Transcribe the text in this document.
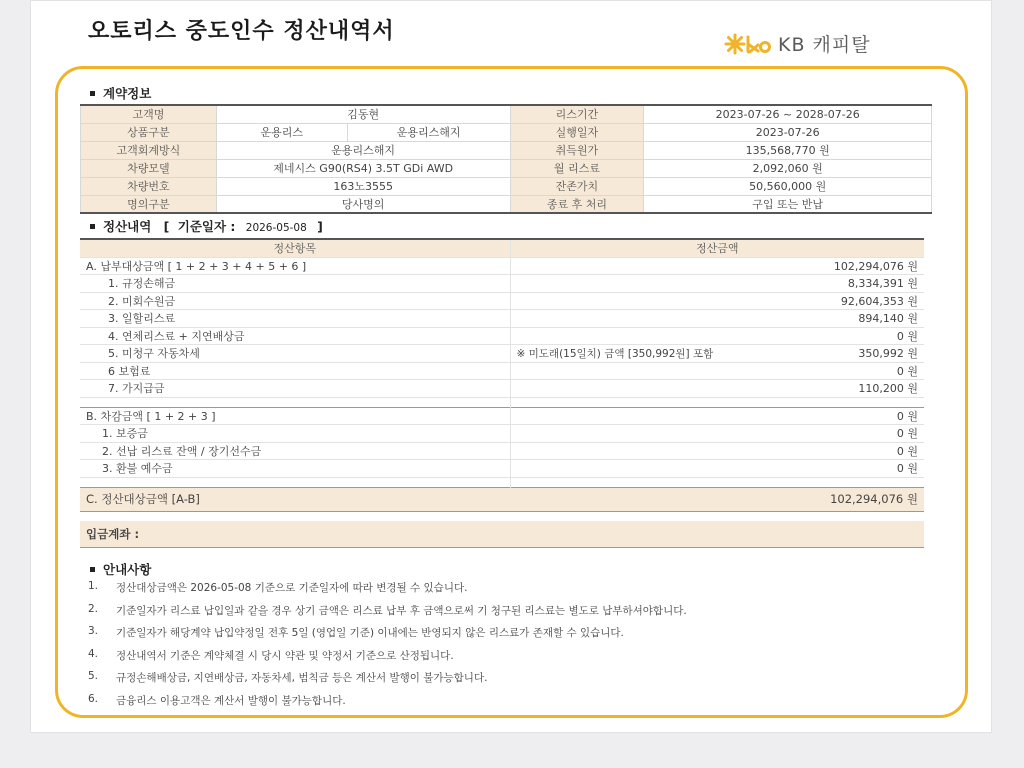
오토리스 중도인수 정산내역서
KB 캐피탈
계약정보
고객명	김동현		리스기간	2023-07-26 ~ 2028-07-26
상품구분	운용리스	운용리스해지	실행일자	2023-07-26
고객회계방식	운용리스해지		취득원가	135,568,770 원
차량모델	제네시스 G90(RS4) 3.5T GDi AWD		월 리스료	2,092,060 원
차량번호	163노3555		잔존가치	50,560,000 원
명의구분	당사명의		종료 후 처리	구입 또는 반납
정산내역 [ 기준일자 : 2026-05-08 ]
정산항목	정산금액	
A. 납부대상금액 [ 1 + 2 + 3 + 4 + 5 + 6 ]	102,294,076 원	
1. 규정손해금		8,334,391 원
2. 미회수원금		92,604,353 원
3. 일할리스료		894,140 원
4. 연체리스료 + 지연배상금		0 원
5. 미청구 자동차세	※ 미도래(15일치) 금액 [350,992원] 포함	350,992 원
6 보험료		0 원
7. 가지급금		110,200 원

B. 차감금액 [ 1 + 2 + 3 ]	0 원	
1. 보증금	0 원	
2. 선납 리스료 잔액 / 장기선수금	0 원	
3. 환불 예수금	0 원	

C. 정산대상금액 [A-B]	102,294,076 원	

입금계좌 :		
안내사항
1.	정산대상금액은 2026-05-08 기준으로 기준일자에 따라 변경될 수 있습니다.
2.	기준일자가 리스료 납입일과 같을 경우 상기 금액은 리스료 납부 후 금액으로써 기 청구된 리스료는 별도로 납부하셔야합니다.
3.	기준일자가 해당계약 납입약정일 전후 5일 (영업일 기준) 이내에는 반영되지 않은 리스료가 존재할 수 있습니다.
4.	정산내역서 기준은 계약체결 시 당시 약관 및 약정서 기준으로 산정됩니다.
5.	규정손해배상금, 지연배상금, 자동차세, 범칙금 등은 계산서 발행이 불가능합니다.
6.	금융리스 이용고객은 계산서 발행이 불가능합니다.
